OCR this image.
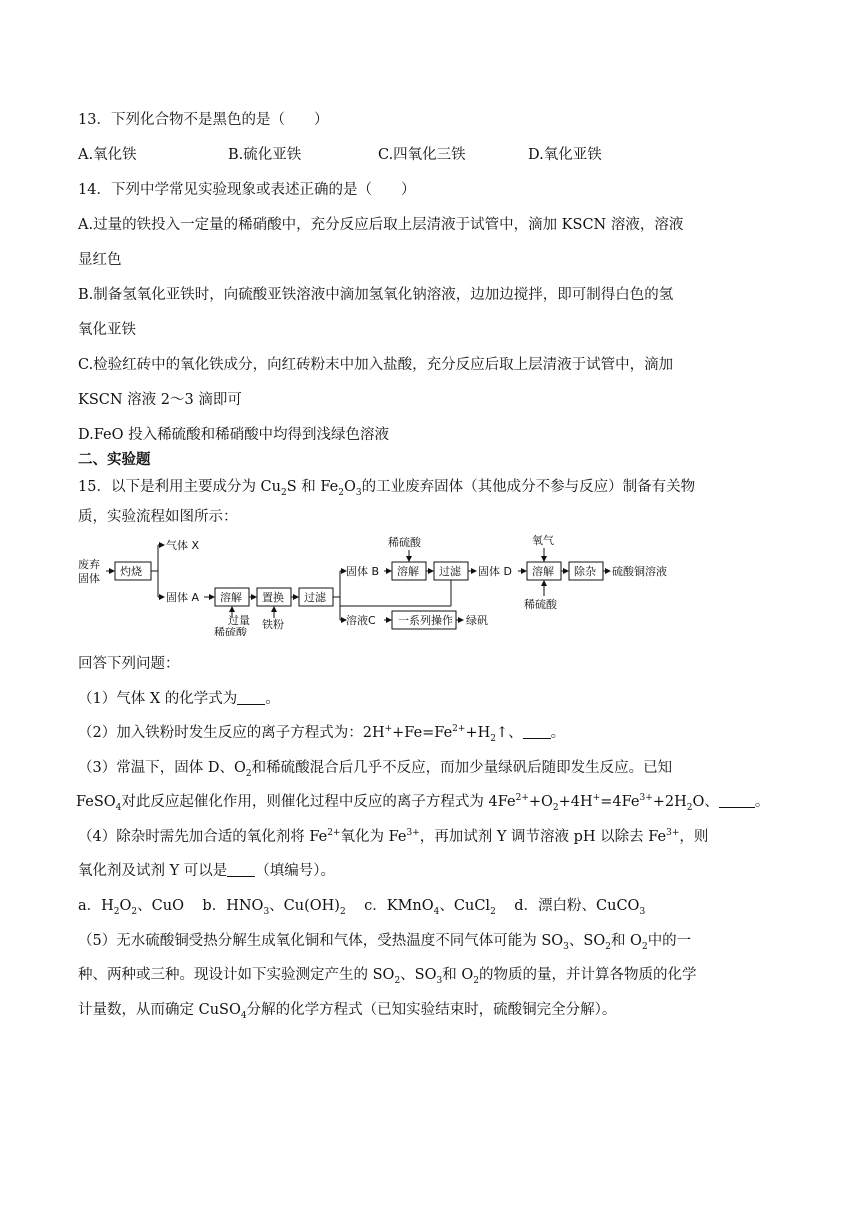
13．下列化合物不是黑色的是（　　）
A.氧化铁	B.硫化亚铁	C.四氧化三铁	D.氧化亚铁
14．下列中学常见实验现象或表述正确的是（　　）
A.过量的铁投入一定量的稀硝酸中，充分反应后取上层清液于试管中，滴加 KSCN 溶液，溶液
显红色
B.制备氢氧化亚铁时，向硫酸亚铁溶液中滴加氢氧化钠溶液，边加边搅拌，即可制得白色的氢
氧化亚铁
C.检验红砖中的氧化铁成分，向红砖粉末中加入盐酸，充分反应后取上层清液于试管中，滴加
KSCN 溶液 2～3 滴即可
D.FeO 投入稀硫酸和稀硝酸中均得到浅绿色溶液
二、实验题
15．以下是利用主要成分为 $Cu_2S$ 和 $Fe_2O_3$的工业废弃固体（其他成分不参与反应）制备有关物
质，实验流程如图所示：
废弃
固体
灼烧
气体 X
固体 A 溶解 置换 过滤
过量
稀硫酸
铁粉
固体 B
稀硫酸
溶解 过滤 固体 D
氧气
溶解
稀硫酸
除杂 硫酸铜溶液
溶液C 一系列操作 绿矾
回答下列问题：
（1）气体 X 的化学式为 。
（2）加入铁粉时发生反应的离子方程式为：$2H^++Fe=Fe^{2+}+H_2↑$、 。
（3）常温下，固体 D、$O_2$和稀硫酸混合后几乎不反应，而加少量绿矾后随即发生反应。已知
FeSO$_4$对此反应起催化作用，则催化过程中反应的离子方程式为 $4Fe^{2+}+O_2+4H^+=4Fe^{3+}+2H_2O$、 。
（4）除杂时需先加合适的氧化剂将 $Fe^{2+}$氧化为 $Fe^{3+}$，再加试剂 Y 调节溶液 pH 以除去 $Fe^{3+}$，则
氧化剂及试剂 Y 可以是 （填编号）。
a．$H_2O_2$、CuO b．$HNO_3$、$Cu(OH)_2$ c．KMnO$_4$、CuCl$_2$ d．漂白粉、CuCO$_3$
（5）无水硫酸铜受热分解生成氧化铜和气体，受热温度不同气体可能为 $SO_3$、$SO_2$和 $O_2$中的一
种、两种或三种。现设计如下实验测定产生的 $SO_2$、$SO_3$和 $O_2$的物质的量，并计算各物质的化学
计量数，从而确定 CuSO$_4$分解的化学方程式（已知实验结束时，硫酸铜完全分解）。
